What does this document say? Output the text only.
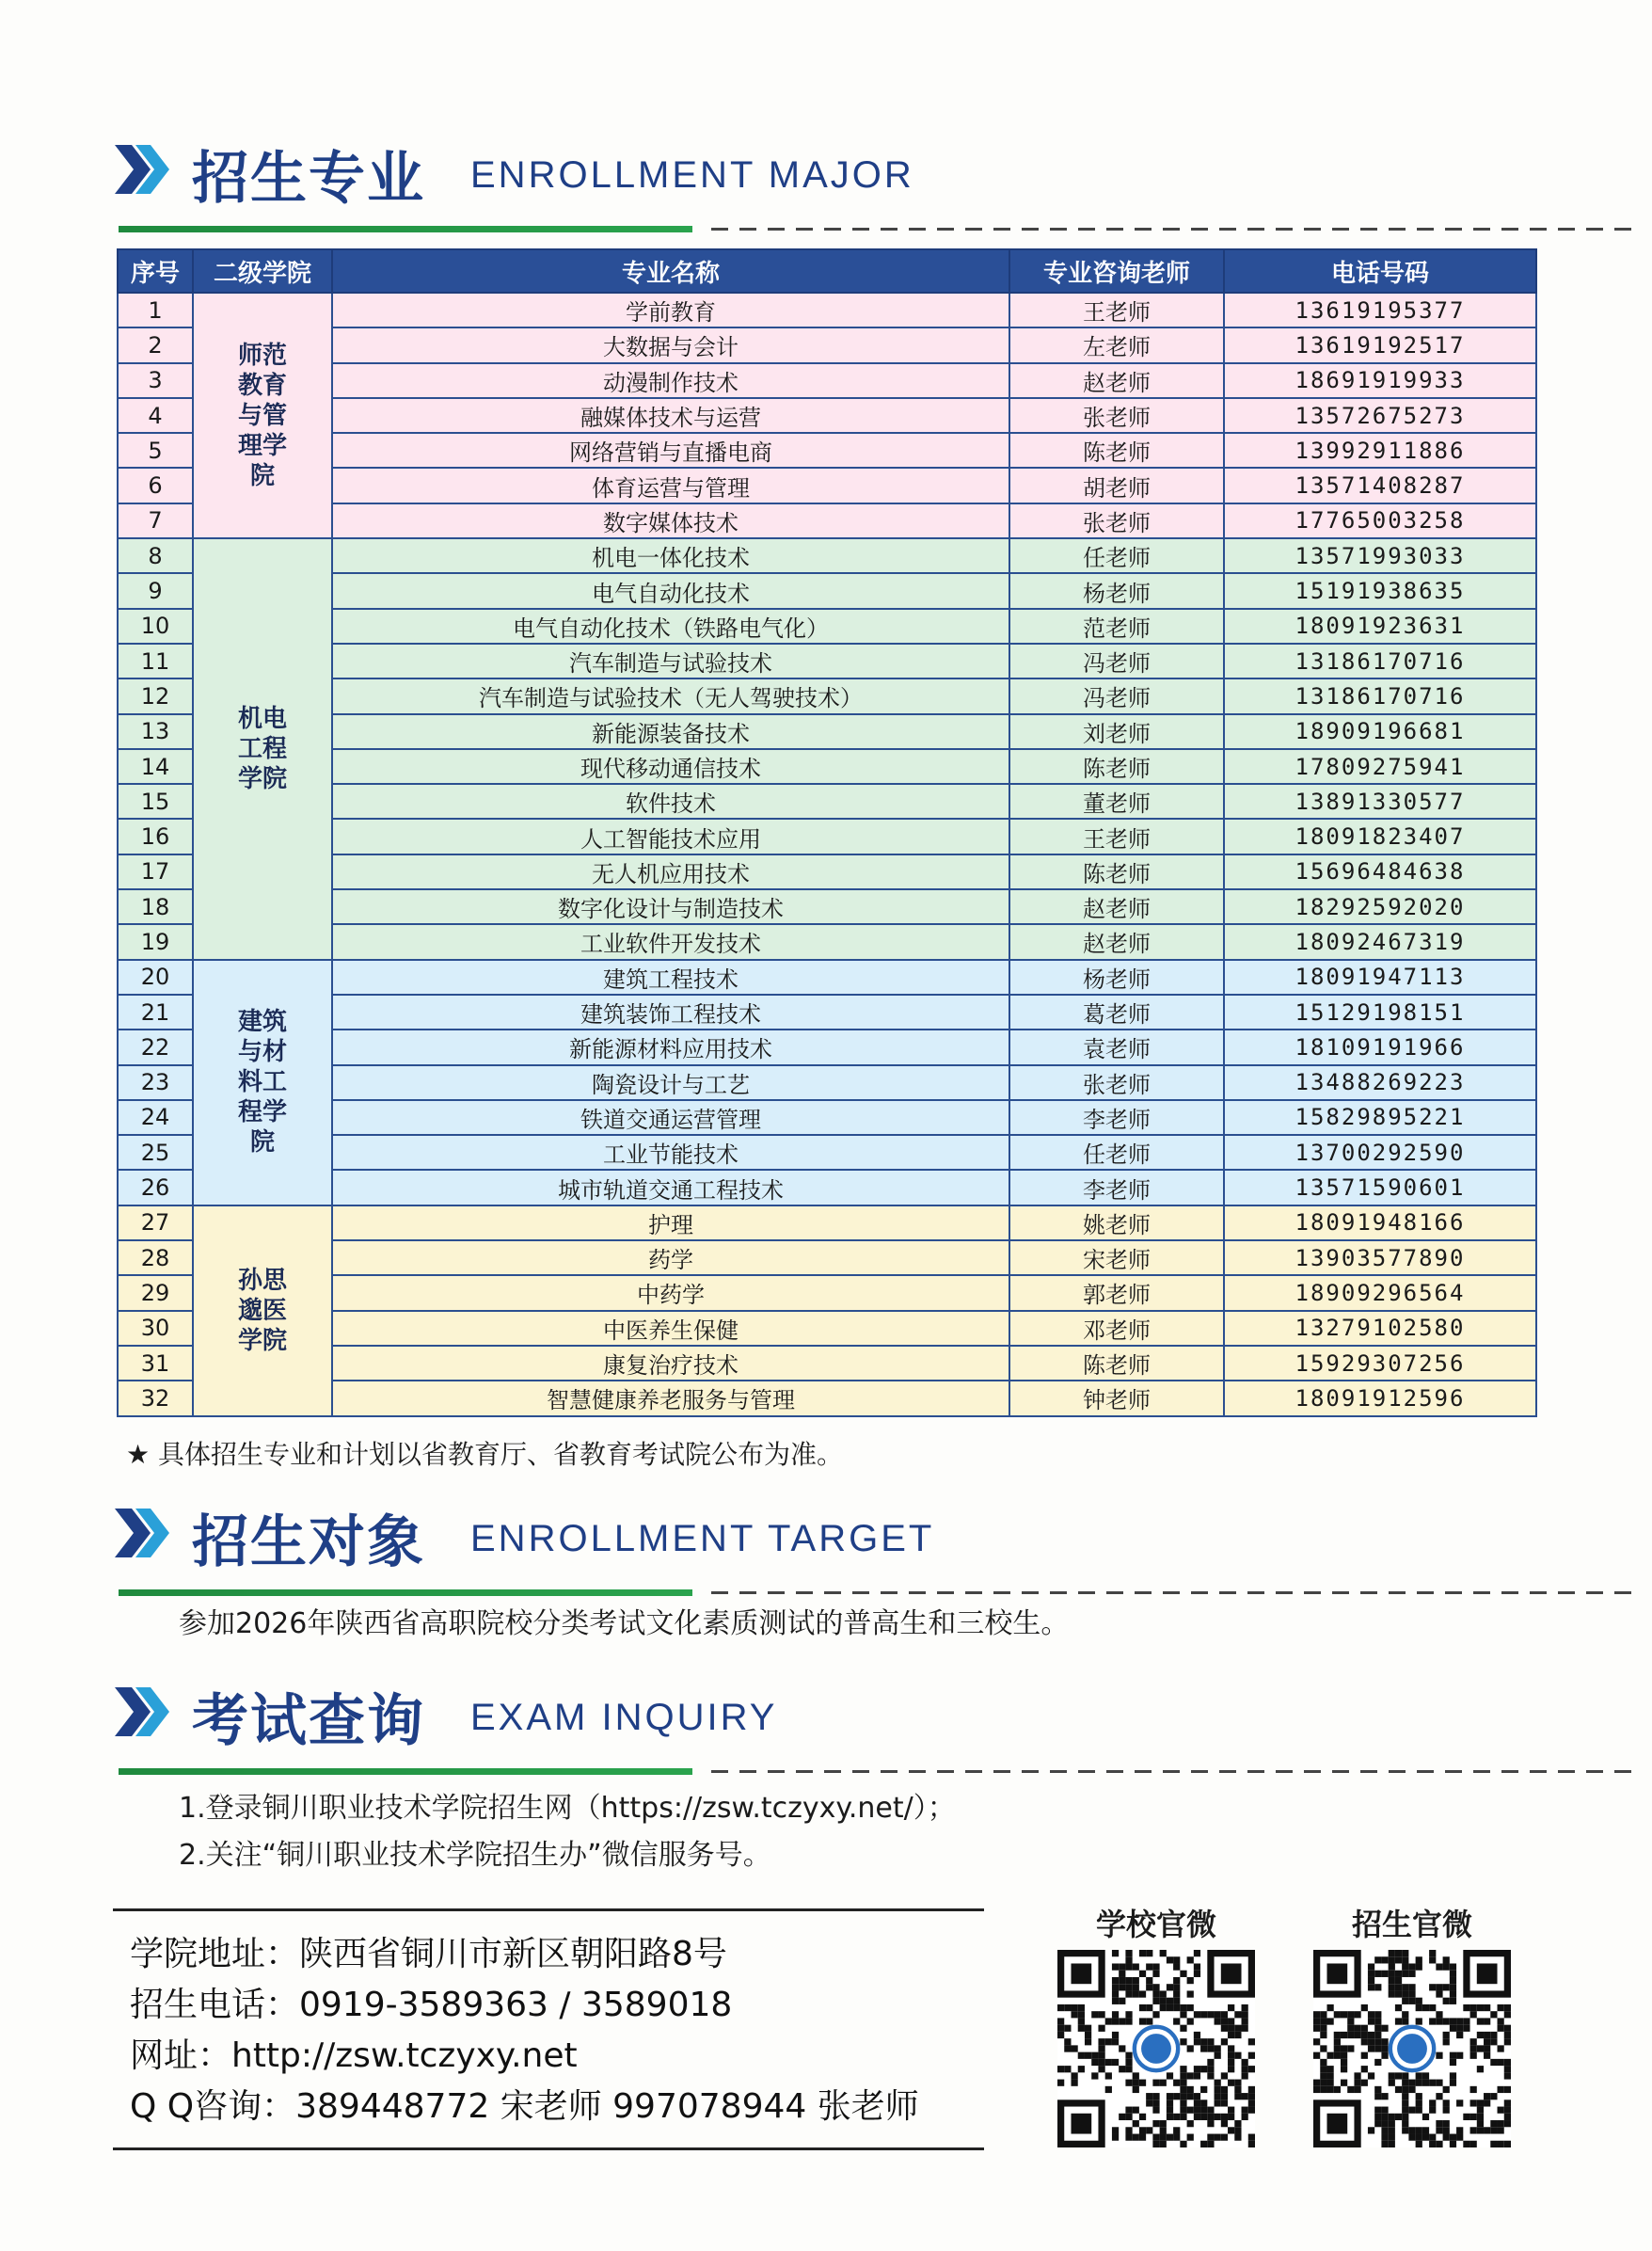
招生专业 ENROLLMENT MAJOR
序号	二级学院	专业名称	专业咨询老师	电话号码
1	师范教育与管理学院	学前教育	王老师	13619195377
2		大数据与会计	左老师	13619192517
3		动漫制作技术	赵老师	18691919933
4		融媒体技术与运营	张老师	13572675273
5		网络营销与直播电商	陈老师	13992911886
6		体育运营与管理	胡老师	13571408287
7		数字媒体技术	张老师	17765003258
8	机电工程学院	机电一体化技术	任老师	13571993033
9		电气自动化技术	杨老师	15191938635
10		电气自动化技术（铁路电气化）	范老师	18091923631
11		汽车制造与试验技术	冯老师	13186170716
12		汽车制造与试验技术（无人驾驶技术）	冯老师	13186170716
13		新能源装备技术	刘老师	18909196681
14		现代移动通信技术	陈老师	17809275941
15		软件技术	董老师	13891330577
16		人工智能技术应用	王老师	18091823407
17		无人机应用技术	陈老师	15696484638
18		数字化设计与制造技术	赵老师	18292592020
19		工业软件开发技术	赵老师	18092467319
20	建筑与材料工程学院	建筑工程技术	杨老师	18091947113
21		建筑装饰工程技术	葛老师	15129198151
22		新能源材料应用技术	袁老师	18109191966
23		陶瓷设计与工艺	张老师	13488269223
24		铁道交通运营管理	李老师	15829895221
25		工业节能技术	任老师	13700292590
26		城市轨道交通工程技术	李老师	13571590601
27	孙思邈医学院	护理	姚老师	18091948166
28		药学	宋老师	13903577890
29		中药学	郭老师	18909296564
30		中医养生保健	邓老师	13279102580
31		康复治疗技术	陈老师	15929307256
32		智慧健康养老服务与管理	钟老师	18091912596
★ 具体招生专业和计划以省教育厅、省教育考试院公布为准。
招生对象 ENROLLMENT TARGET
参加2026年陕西省高职院校分类考试文化素质测试的普高生和三校生。
考试查询 EXAM INQUIRY
1.登录铜川职业技术学院招生网（https://zsw.tczyxy.net/）；
2.关注“铜川职业技术学院招生办”微信服务号。
学院地址：陕西省铜川市新区朝阳路8号
招生电话：0919-3589363 / 3589018
网址：http://zsw.tczyxy.net
Q Q咨询：389448772 宋老师 997078944 张老师
学校官微	招生官微
